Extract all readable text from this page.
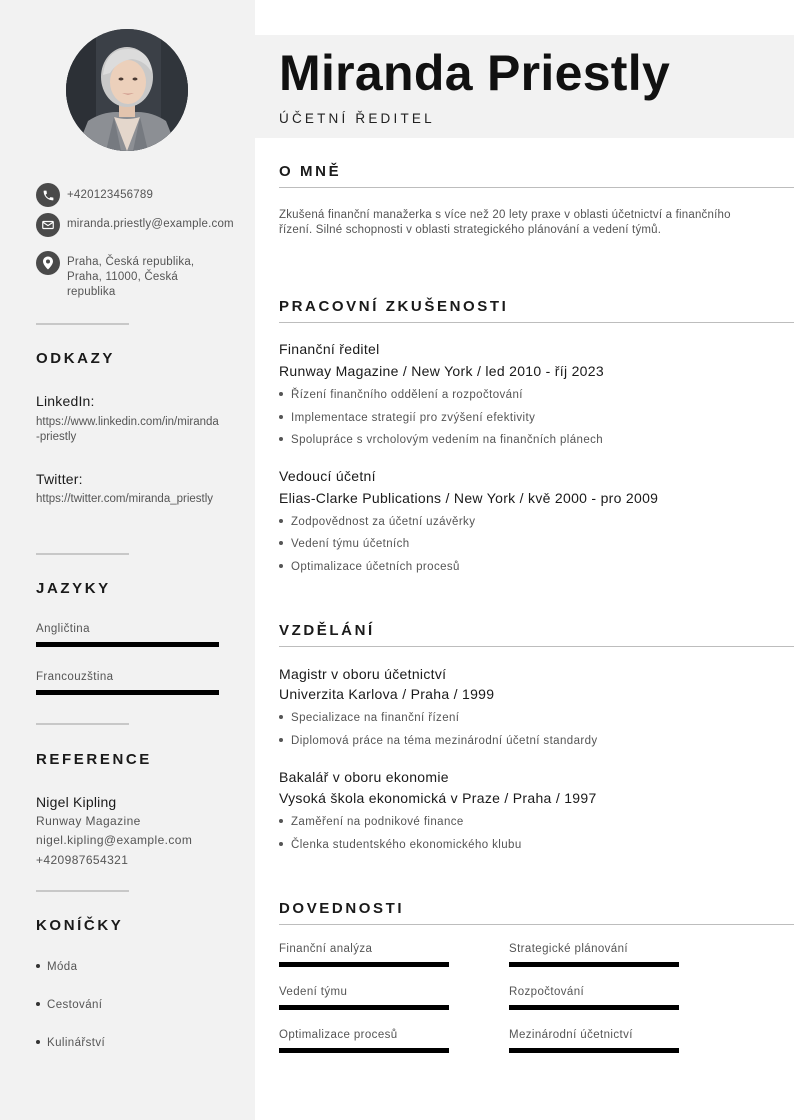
+420123456789
miranda.priestly@example.com
Praha, Česká republika, Praha, 11000, Česká republika
ODKAZY
LinkedIn:
https://www.linkedin.com/in/miranda-priestly
Twitter:
https://twitter.com/miranda_priestly
JAZYKY
Angličtina
Francouzština
REFERENCE
Nigel Kipling
Runway Magazine
nigel.kipling@example.com
+420987654321
KONÍČKY
Móda
Cestování
Kulinářství
Miranda Priestly
ÚČETNÍ ŘEDITEL
O MNĚ
Zkušená finanční manažerka s více než 20 lety praxe v oblasti účetnictví a finančního řízení. Silné schopnosti v oblasti strategického plánování a vedení týmů.
PRACOVNÍ ZKUŠENOSTI
Finanční ředitel
Runway Magazine / New York / led 2010 - říj 2023
Řízení finančního oddělení a rozpočtování
Implementace strategií pro zvýšení efektivity
Spolupráce s vrcholovým vedením na finančních plánech
Vedoucí účetní
Elias-Clarke Publications / New York / kvě 2000 - pro 2009
Zodpovědnost za účetní uzávěrky
Vedení týmu účetních
Optimalizace účetních procesů
VZDĚLÁNÍ
Magistr v oboru účetnictví
Univerzita Karlova / Praha / 1999
Specializace na finanční řízení
Diplomová práce na téma mezinárodní účetní standardy
Bakalář v oboru ekonomie
Vysoká škola ekonomická v Praze / Praha / 1997
Zaměření na podnikové finance
Členka studentského ekonomického klubu
DOVEDNOSTI
Finanční analýza	Strategické plánování
Vedení týmu	Rozpočtování
Optimalizace procesů	Mezinárodní účetnictví
